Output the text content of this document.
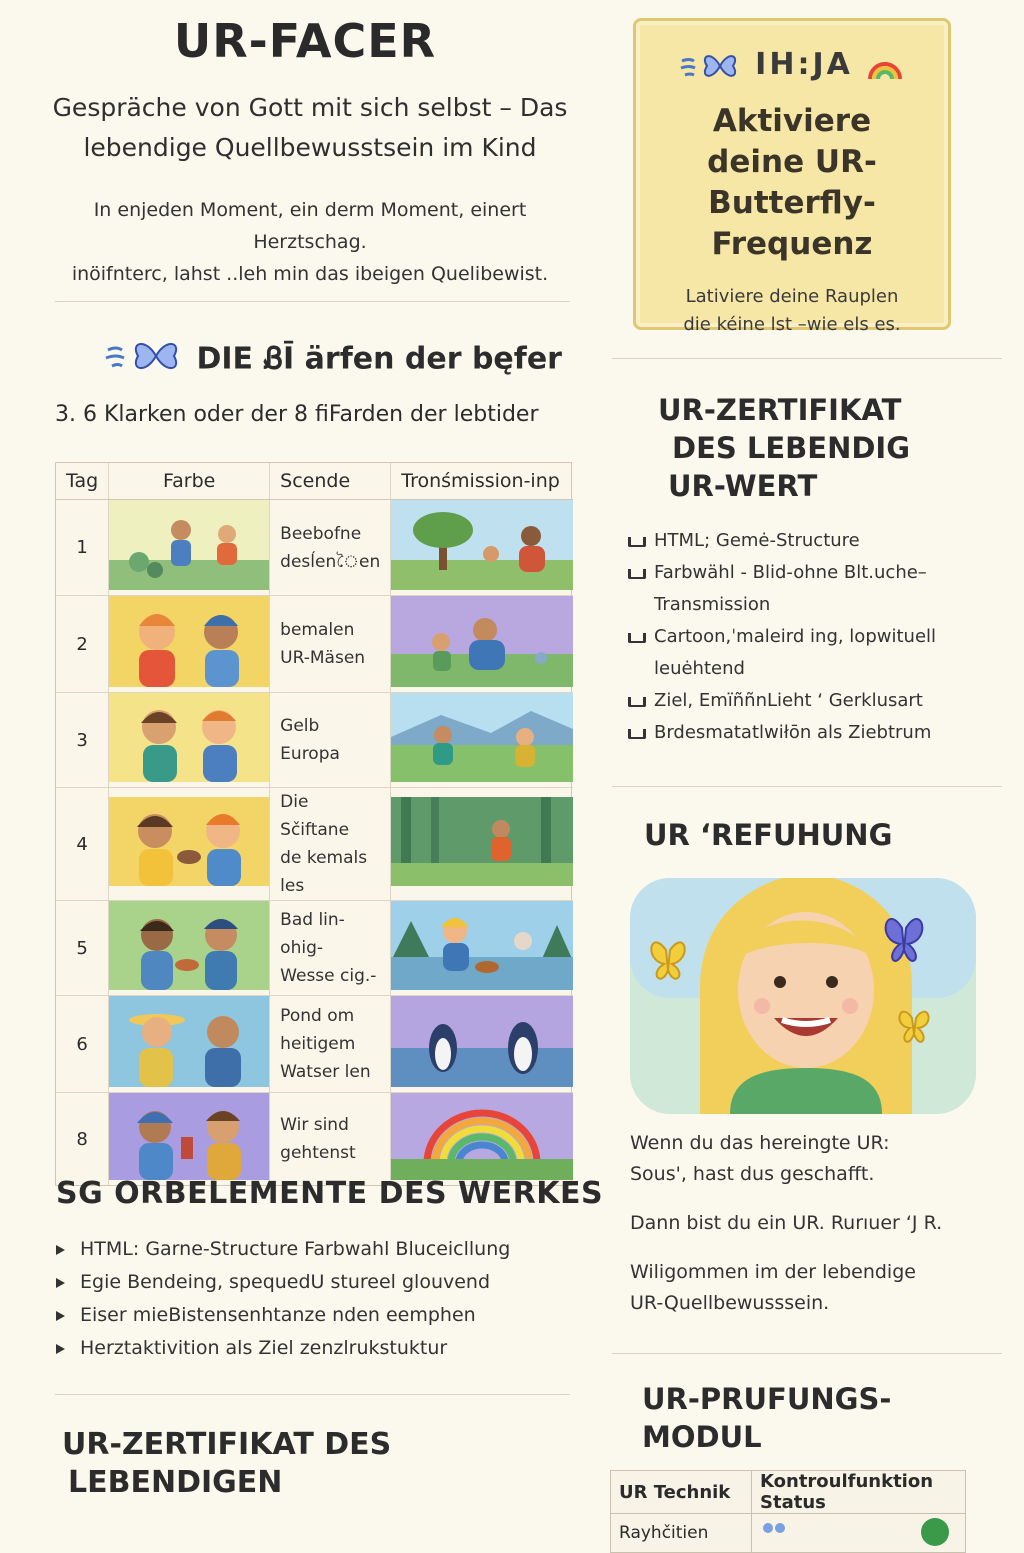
UR-FACER
Gespräche von Gott mit sich selbst – Das lebendige Quellbewusstsein im Kind
In enjeden Moment, ein derm Moment, einert Herztschag.
inöifnterc, lahst ..leh min das ibeigen Quelibewist.
DIE ᏰĪ ärfen der bęfer
3. 6 Klarken oder der 8 ﬁFarden der lebtider
Tag	Farbe	Scende	Tronśmission-inp
1		Beebofne
desĺenৈen

2		bemalen
UR-Mäsen

3		Gelb
Europa

4		Die Sčiftane
de kemals les

5		Bad lin-ohig-
Wesse cig.-

6		Pond om
heitigem
Watser len

8		Wir sind
gehtenst

SG ORBELEMENTE DES WERKES
HTML: Garne-Structure Farbwahl Bluceicllung
Egie Bendeing, spequedU stureel glouvend
Eiser mieBistensenhtanze nden eemphen
Herztaktivition als Ziel zenzlrukstuktur
UR-ZERTIFIKAT DES
LEBENDIGEN
IH:JA
Aktiviere deine UR-Butterfly-Frequenz
Lativiere deine Rauplen
die kéine lst –wie els es.
UR-ZERTIFIKAT
DES LEBENDIG
UR-WERT
HTML; Gemė-Structure
Farbwähl - Blid-ohne Blt.uche–Transmission
Cartoon,ˈmaleird ing, lopwituell leuėhtend
Ziel, EmïññnLieht ʻ Gerklusart
Brdesmatatlwiłōn als Ziebtrum
UR ʻREFUHUNG
Wenn du das hereingte UR: Sous', hast dus geschafft.
Dann bist du ein UR. Rurıuer ʻJ R.
Wiligommen im der lebendige UR-Quellbewusssein.
UR-PRUFUNGS-
MODUL
UR Technik	Kontroulfunktion Status
Rayhčitien	
